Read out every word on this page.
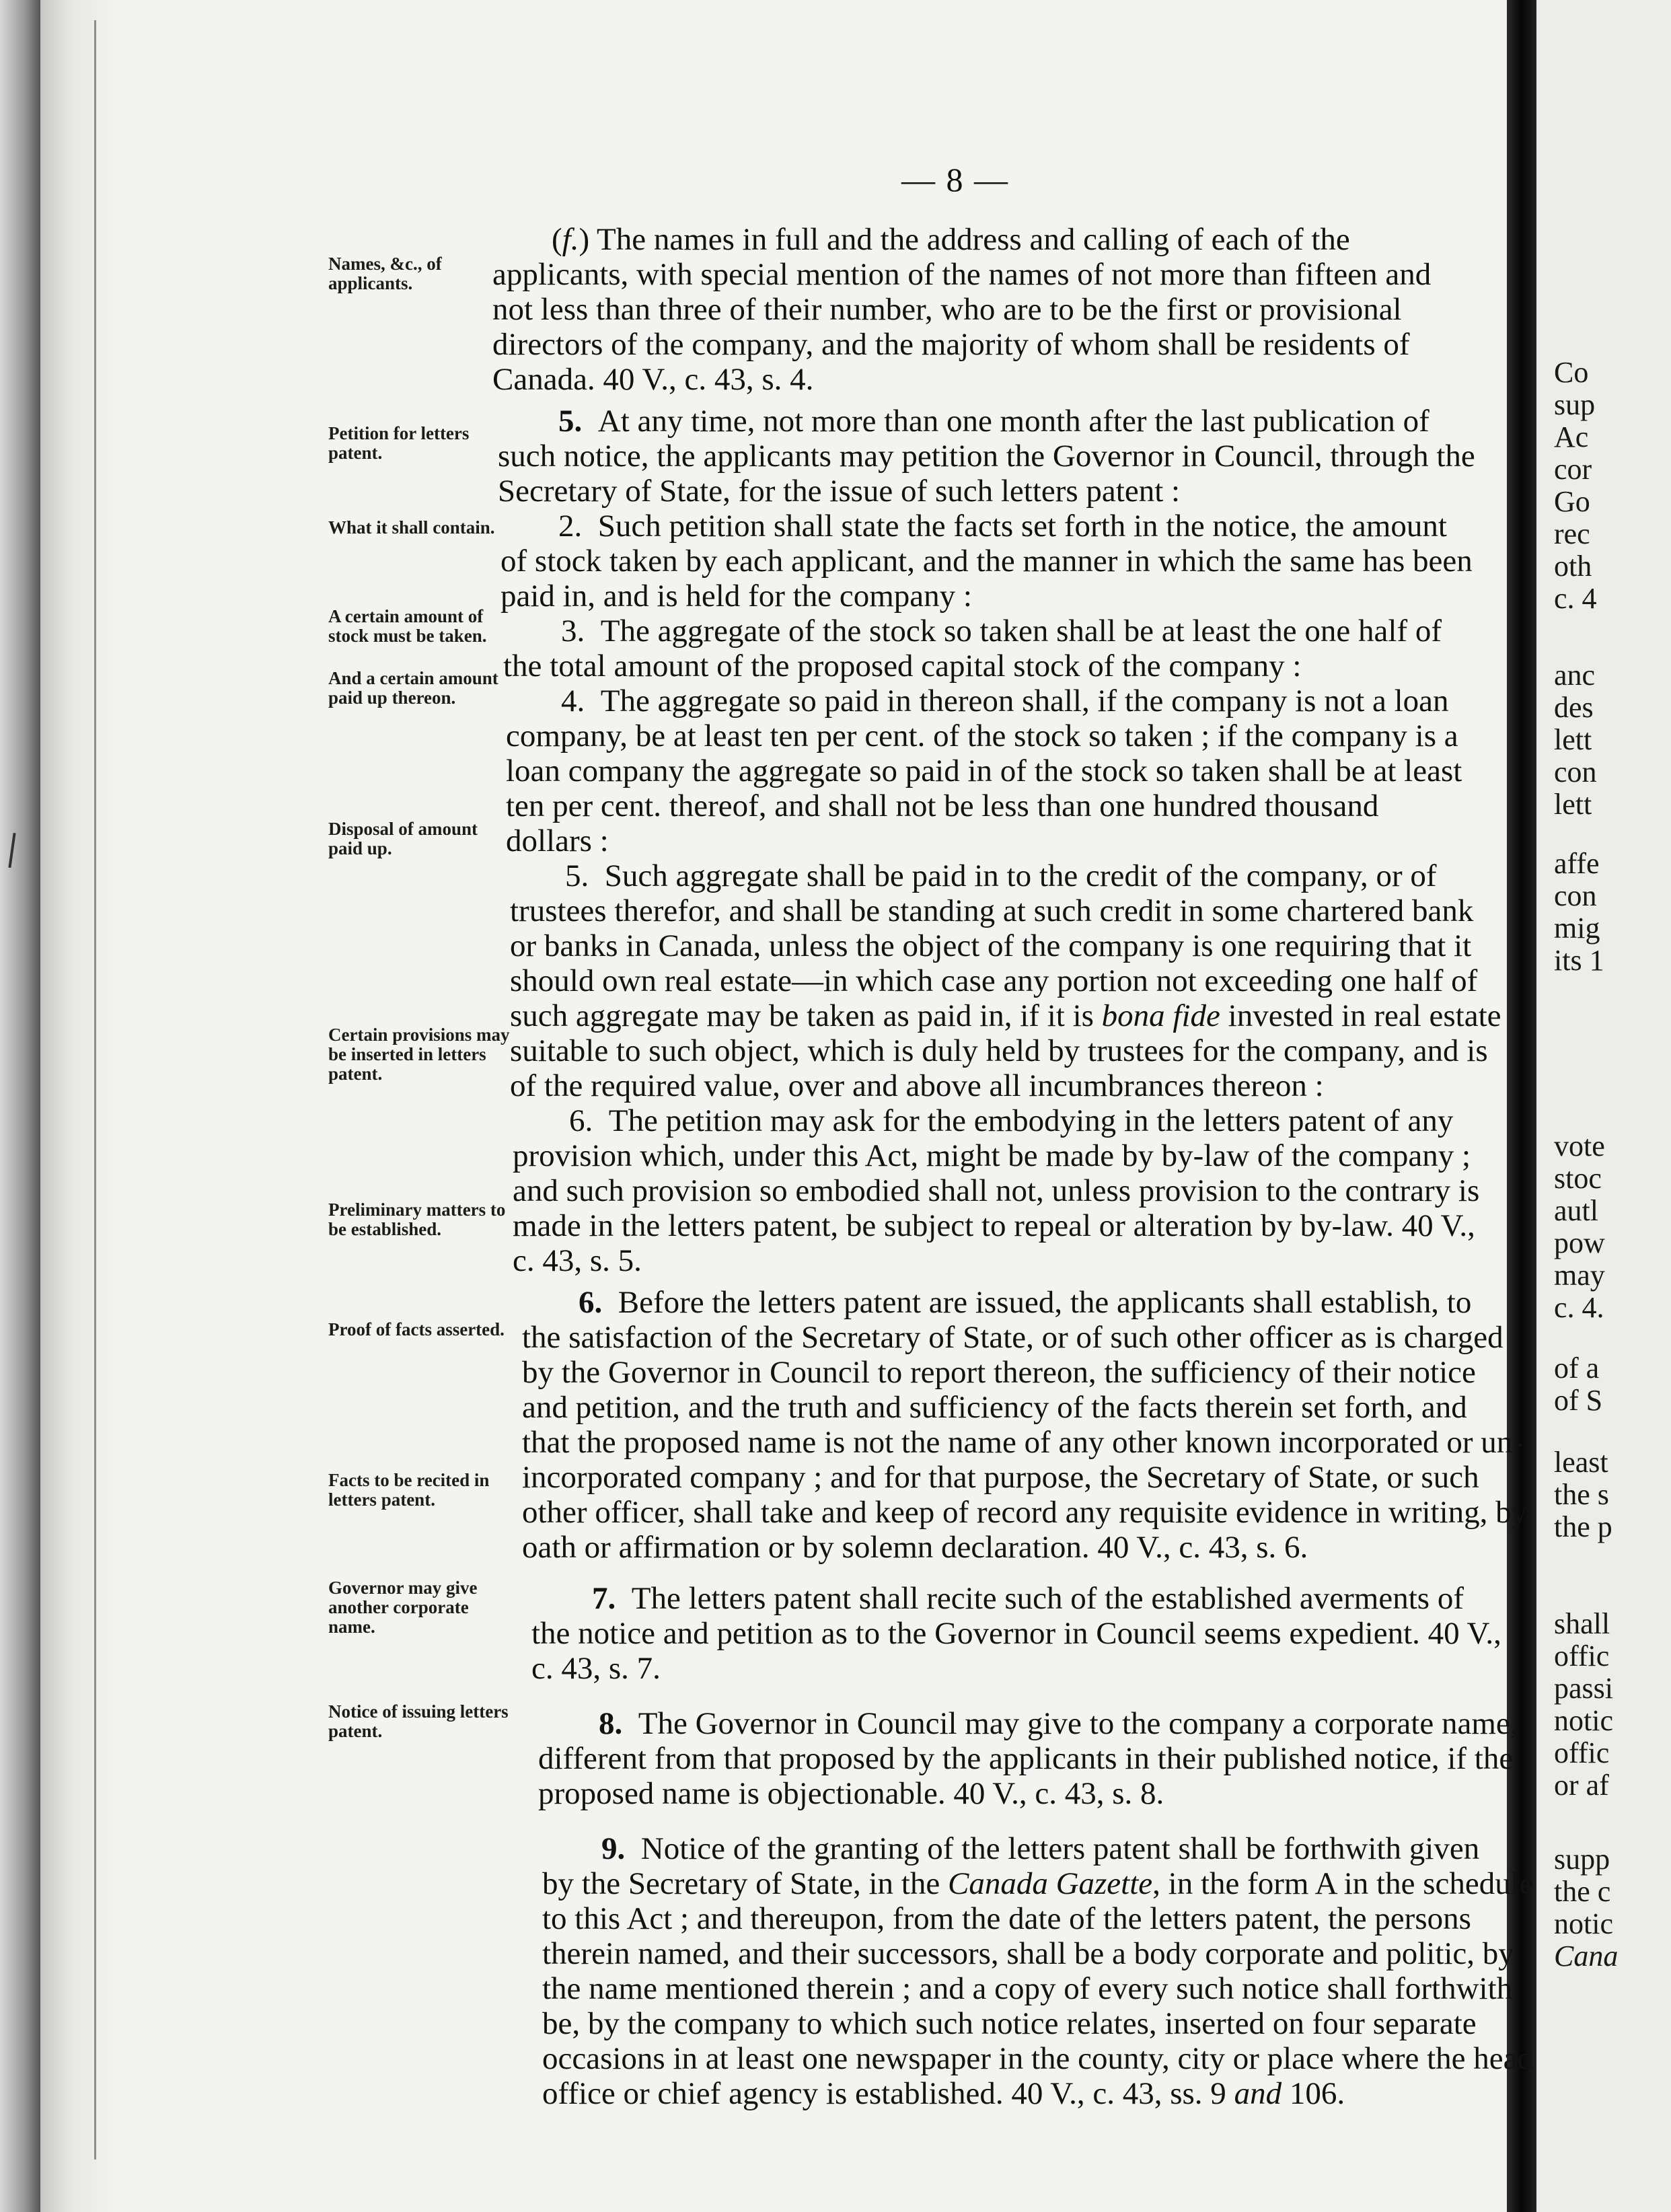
Co
sup
Ac
cor
Go
rec
oth
c. 4
anc
des
lett
con
lett
affe
con
mig
its 1
vote
stoc
autl
pow
may
c. 4.
of a
of S
least
the s
the p
shall
offic
passi
notic
offic
or af
supp
the c
notic
Cana
— 8 —
Names, &c., of applicants.
Petition for letters patent.
What it shall contain.
A certain amount of stock must be taken.
And a certain amount paid up thereon.
Disposal of amount paid up.
Certain provisions may be inserted in letters patent.
Preliminary matters to be established.
Proof of facts asserted.
Facts to be recited in letters patent.
Governor may give another corporate name.
Notice of issuing letters patent.
(f.) The names in full and the address and calling of each of the
applicants, with special mention of the names of not more than fifteen and
not less than three of their number, who are to be the first or provisional
directors of the company, and the majority of whom shall be residents of
Canada. 40 V., c. 43, s. 4.
5. At any time, not more than one month after the last publication of
such notice, the applicants may petition the Governor in Council, through the
Secretary of State, for the issue of such letters patent :
2. Such petition shall state the facts set forth in the notice, the amount
of stock taken by each applicant, and the manner in which the same has been
paid in, and is held for the company :
3. The aggregate of the stock so taken shall be at least the one half of
the total amount of the proposed capital stock of the company :
4. The aggregate so paid in thereon shall, if the company is not a loan
company, be at least ten per cent. of the stock so taken ; if the company is a
loan company the aggregate so paid in of the stock so taken shall be at least
ten per cent. thereof, and shall not be less than one hundred thousand
dollars :
5. Such aggregate shall be paid in to the credit of the company, or of
trustees therefor, and shall be standing at such credit in some chartered bank
or banks in Canada, unless the object of the company is one requiring that it
should own real estate—in which case any portion not exceeding one half of
such aggregate may be taken as paid in, if it is bona fide invested in real estate
suitable to such object, which is duly held by trustees for the company, and is
of the required value, over and above all incumbrances thereon :
6. The petition may ask for the embodying in the letters patent of any
provision which, under this Act, might be made by by-law of the company ;
and such provision so embodied shall not, unless provision to the contrary is
made in the letters patent, be subject to repeal or alteration by by-law. 40 V.,
c. 43, s. 5.
6. Before the letters patent are issued, the applicants shall establish, to
the satisfaction of the Secretary of State, or of such other officer as is charged
by the Governor in Council to report thereon, the sufficiency of their notice
and petition, and the truth and sufficiency of the facts therein set forth, and
that the proposed name is not the name of any other known incorporated or un-
incorporated company ; and for that purpose, the Secretary of State, or such
other officer, shall take and keep of record any requisite evidence in writing, by
oath or affirmation or by solemn declaration. 40 V., c. 43, s. 6.
7. The letters patent shall recite such of the established averments of
the notice and petition as to the Governor in Council seems expedient. 40 V.,
c. 43, s. 7.
8. The Governor in Council may give to the company a corporate name,
different from that proposed by the applicants in their published notice, if the
proposed name is objectionable. 40 V., c. 43, s. 8.
9. Notice of the granting of the letters patent shall be forthwith given
by the Secretary of State, in the Canada Gazette, in the form A in the schedule
to this Act ; and thereupon, from the date of the letters patent, the persons
therein named, and their successors, shall be a body corporate and politic, by
the name mentioned therein ; and a copy of every such notice shall forthwith
be, by the company to which such notice relates, inserted on four separate
occasions in at least one newspaper in the county, city or place where the head
office or chief agency is established. 40 V., c. 43, ss. 9 and 106.
